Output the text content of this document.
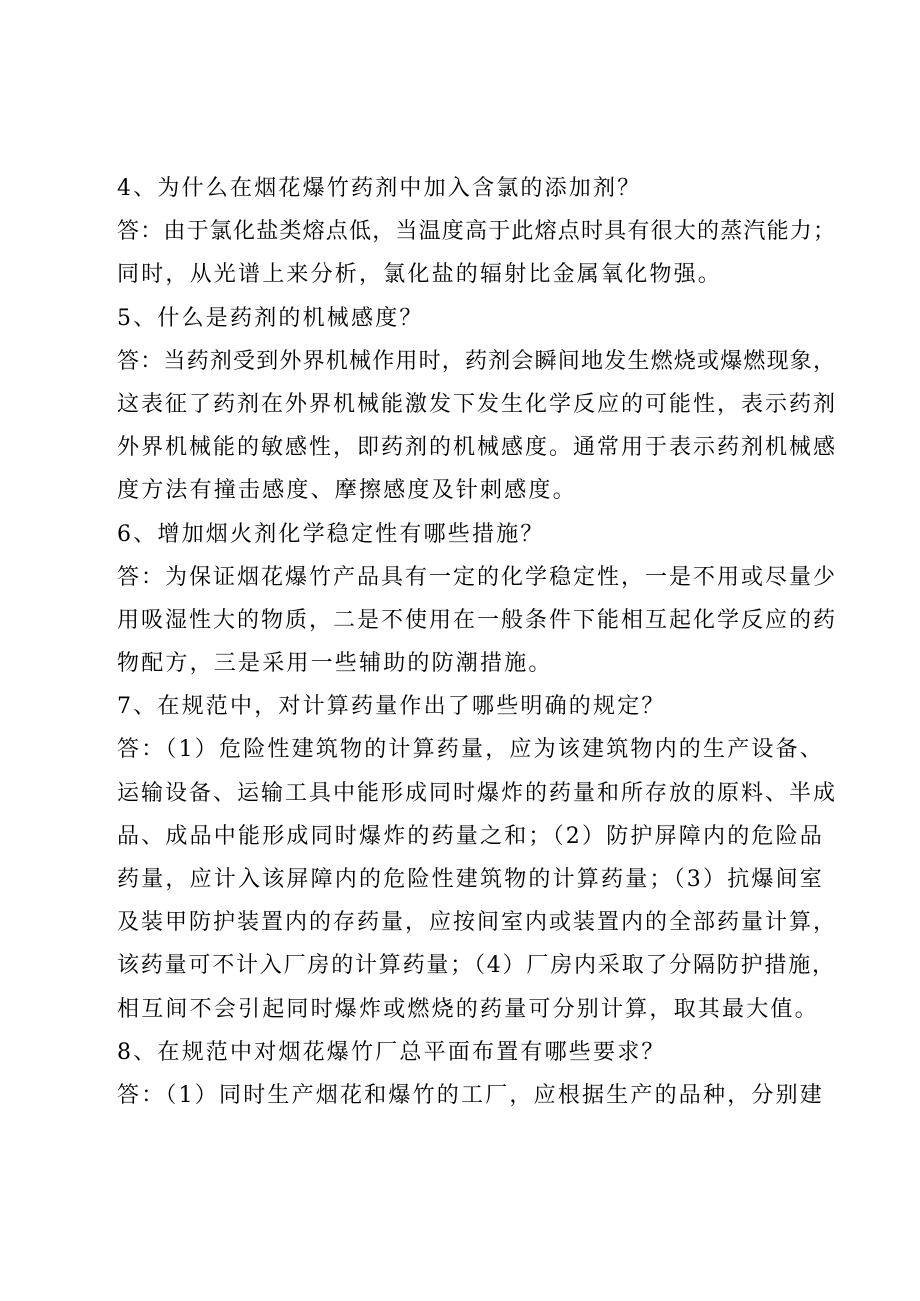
4、为什么在烟花爆竹药剂中加入含氯的添加剂？

答：由于氯化盐类熔点低，当温度高于此熔点时具有很大的蒸汽能力；

同时，从光谱上来分析，氯化盐的辐射比金属氧化物强。

5、什么是药剂的机械感度？

答：当药剂受到外界机械作用时，药剂会瞬间地发生燃烧或爆燃现象，

这表征了药剂在外界机械能激发下发生化学反应的可能性，表示药剂

外界机械能的敏感性，即药剂的机械感度。通常用于表示药剂机械感

度方法有撞击感度、摩擦感度及针刺感度。

6、增加烟火剂化学稳定性有哪些措施？

答：为保证烟花爆竹产品具有一定的化学稳定性，一是不用或尽量少

用吸湿性大的物质，二是不使用在一般条件下能相互起化学反应的药

物配方，三是采用一些辅助的防潮措施。

7、在规范中，对计算药量作出了哪些明确的规定？

答：（1）危险性建筑物的计算药量，应为该建筑物内的生产设备、

运输设备、运输工具中能形成同时爆炸的药量和所存放的原料、半成

品、成品中能形成同时爆炸的药量之和；（2）防护屏障内的危险品

药量，应计入该屏障内的危险性建筑物的计算药量；（3）抗爆间室

及装甲防护装置内的存药量，应按间室内或装置内的全部药量计算，

该药量可不计入厂房的计算药量；（4）厂房内采取了分隔防护措施，

相互间不会引起同时爆炸或燃烧的药量可分别计算，取其最大值。

8、在规范中对烟花爆竹厂总平面布置有哪些要求？

答：（1）同时生产烟花和爆竹的工厂，应根据生产的品种，分别建
